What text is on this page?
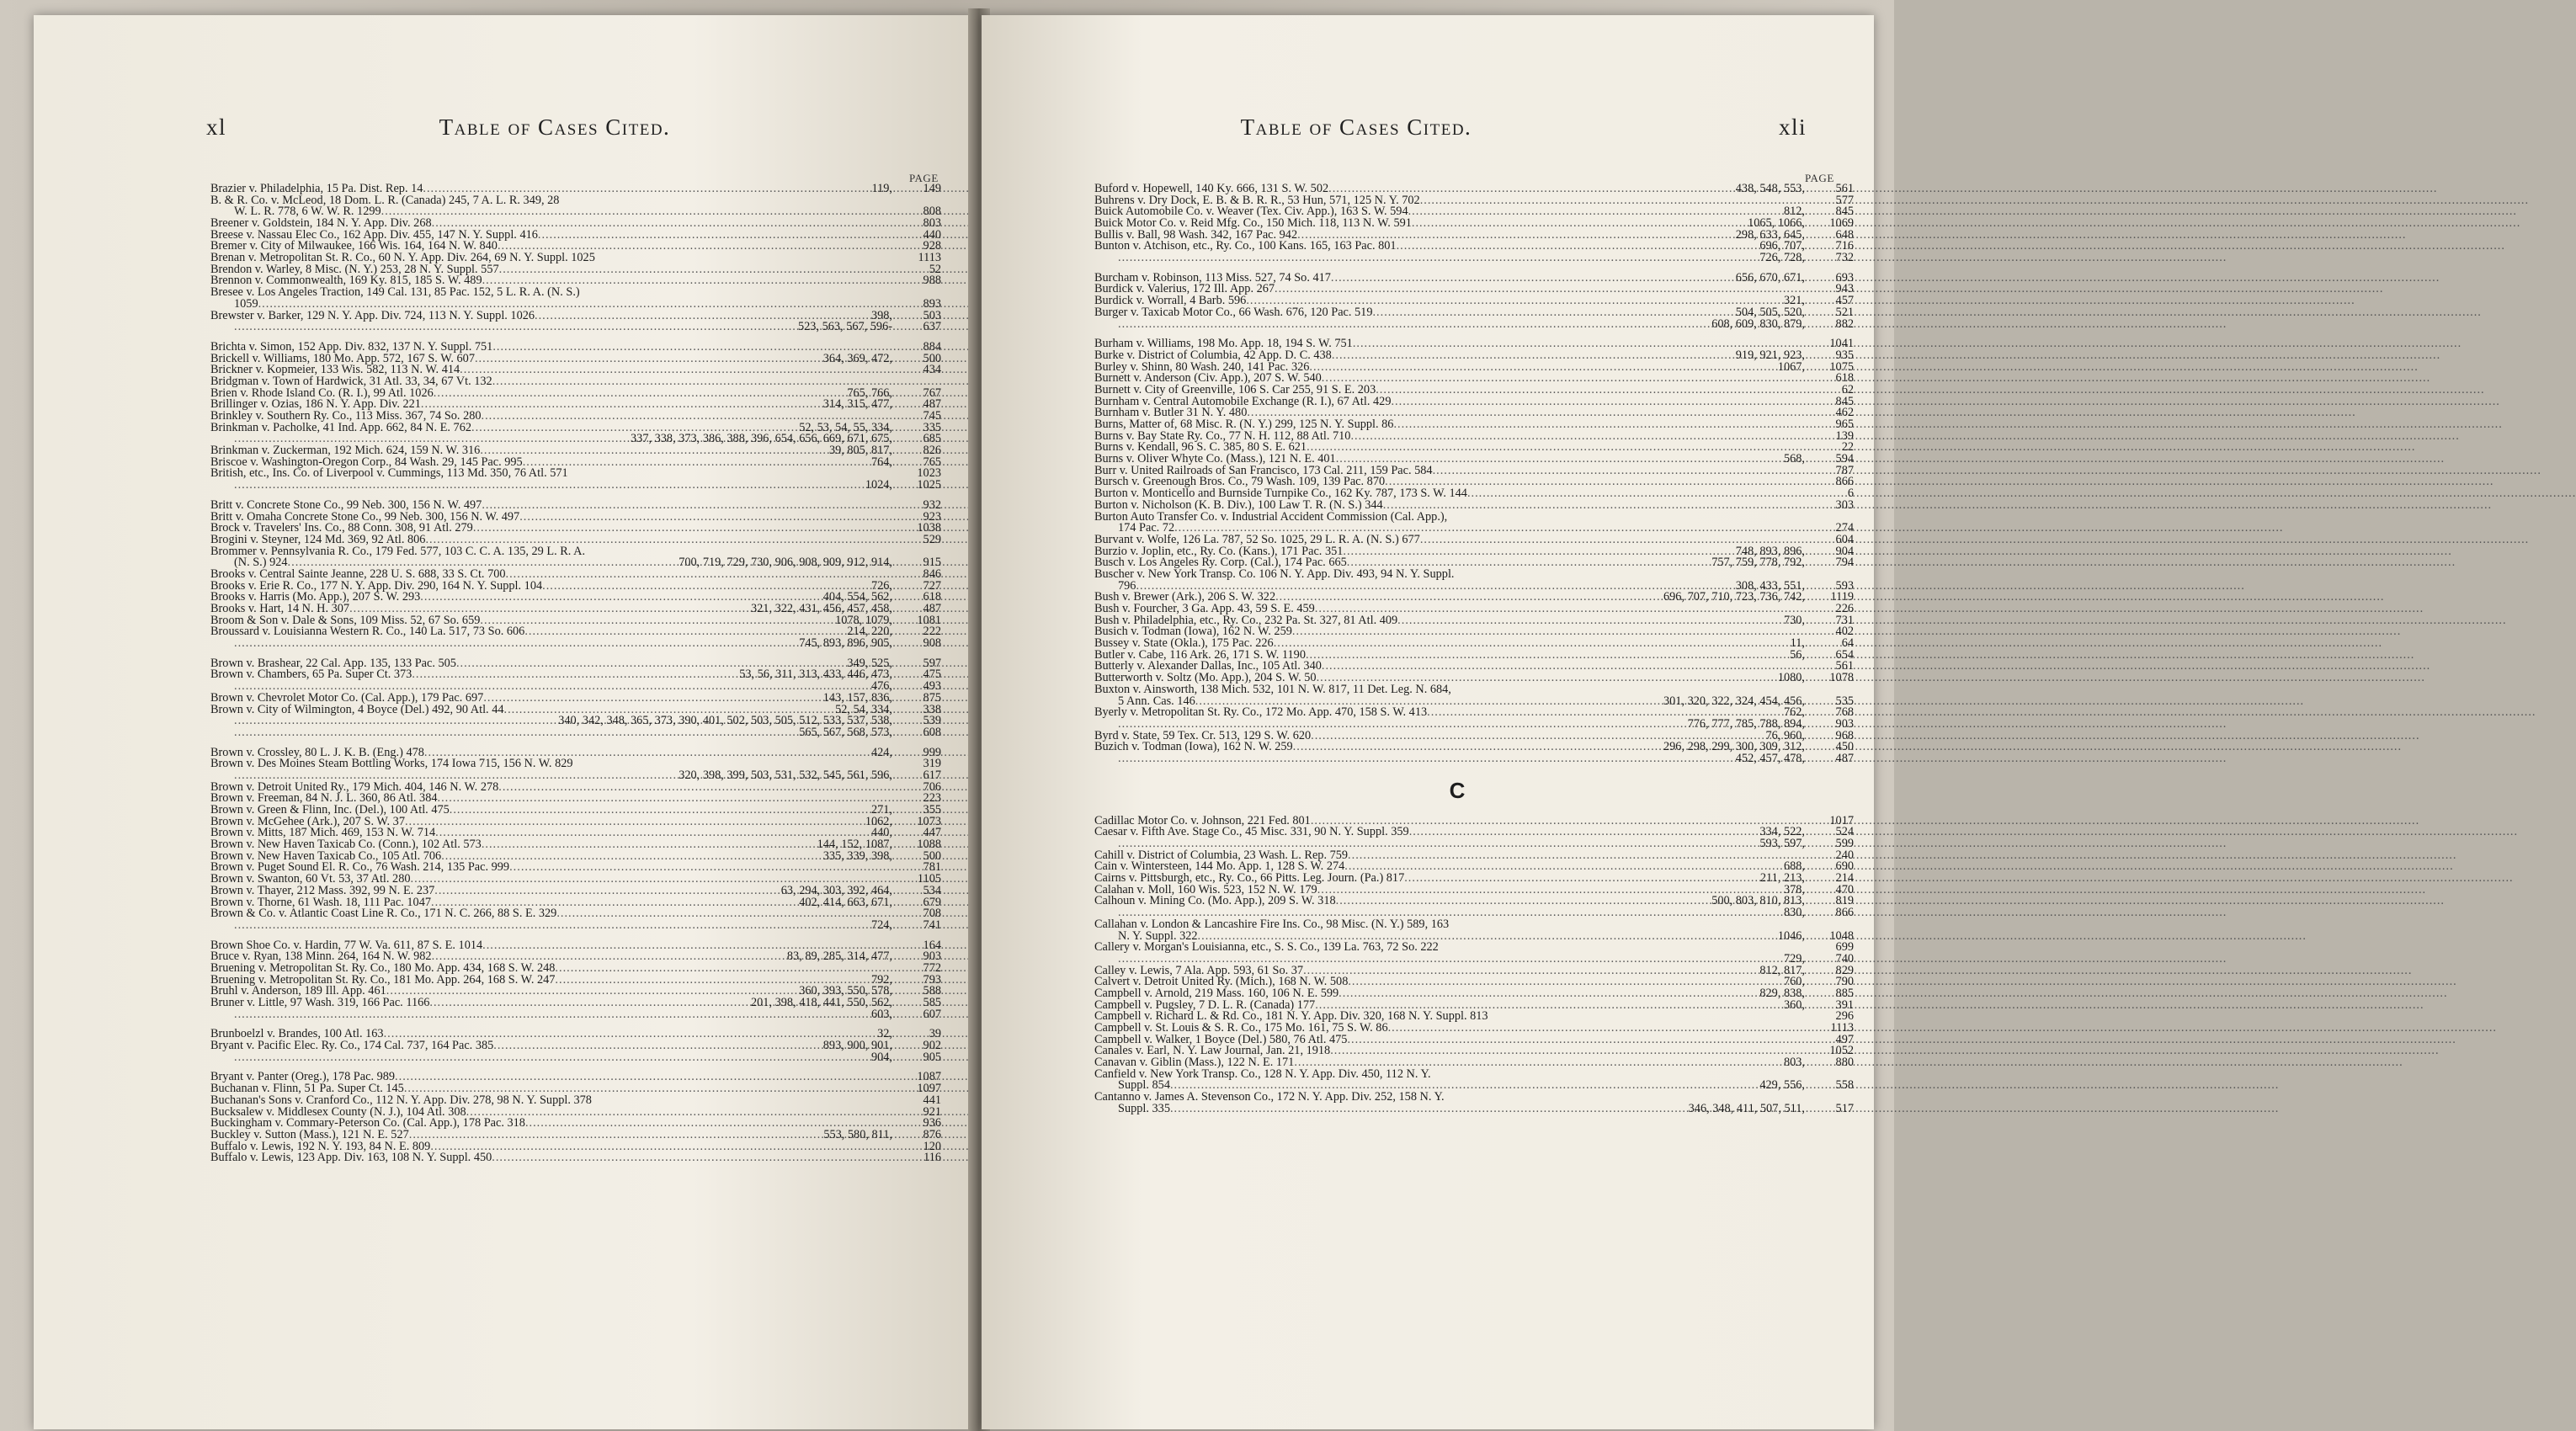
xl	Table of Cases Cited.
PAGE
Brazier v. Philadelphia, 15 Pa. Dist. Rep. 14 .....	119,	149
B. & R. Co. v. McLeod, 18 Dom. L. R. (Canada) 245, 7 A. L. R. 349, 28
W. L. R. 778, 6 W. W. R. 1299 .....	808
Breener v. Goldstein, 184 N. Y. App. Div. 268 .....	803
Breese v. Nassau Elec Co., 162 App. Div. 455, 147 N. Y. Suppl. 416 .....	440
Bremer v. City of Milwaukee, 166 Wis. 164, 164 N. W. 840 .....	928
Brenan v. Metropolitan St. R. Co., 60 N. Y. App. Div. 264, 69 N. Y. Suppl. 1025	1113
Brendon v. Warley, 8 Misc. (N. Y.) 253, 28 N. Y. Suppl. 557 .....	52
Brennon v. Commonwealth, 169 Ky. 815, 185 S. W. 489 .....	988
Bresee v. Los Angeles Traction, 149 Cal. 131, 85 Pac. 152, 5 L. R. A. (N. S.)
1059 .....	893
Brewster v. Barker, 129 N. Y. App. Div. 724, 113 N. Y. Suppl. 1026 .....	398,	503
.....
523, 563, 567, 596-	637
Brichta v. Simon, 152 App. Div. 832, 137 N. Y. Suppl. 751 .....	884
Brickell v. Williams, 180 Mo. App. 572, 167 S. W. 607 .....	364, 369, 472,	500
Brickner v. Kopmeier, 133 Wis. 582, 113 N. W. 414 .....	434
Bridgman v. Town of Hardwick, 31 Atl. 33, 34, 67 Vt. 132
.....
Brien v. Rhode Island Co. (R. I.), 99 Atl. 1026 .....	765, 766,	767
Brillinger v. Ozias, 186 N. Y. App. Div. 221 .....	314, 315, 477,	487
Brinkley v. Southern Ry. Co., 113 Miss. 367, 74 So. 280 .....	745
Brinkman v. Pacholke, 41 Ind. App. 662, 84 N. E. 762 .....	52, 53, 54, 55, 334,	335
.....
337, 338, 373, 386, 388, 396, 654, 656, 669, 671, 675,	685
Brinkman v. Zuckerman, 192 Mich. 624, 159 N. W. 316 .....	39, 805, 817,	826
Briscoe v. Washington-Oregon Corp., 84 Wash. 29, 145 Pac. 995 .....	764,	765
British, etc., Ins. Co. of Liverpool v. Cummings, 113 Md. 350, 76 Atl. 571	1023
.....
1024,	1025
Britt v. Concrete Stone Co., 99 Neb. 300, 156 N. W. 497 .....	932
Britt v. Omaha Concrete Stone Co., 99 Neb. 300, 156 N. W. 497 .....	923
Brock v. Travelers' Ins. Co., 88 Conn. 308, 91 Atl. 279 .....	1038
Brogini v. Steyner, 124 Md. 369, 92 Atl. 806 .....	529
Brommer v. Pennsylvania R. Co., 179 Fed. 577, 103 C. C. A. 135, 29 L. R. A.
(N. S.) 924 .....	700, 719, 729, 730, 906, 908, 909, 912, 914,	915
Brooks v. Central Sainte Jeanne, 228 U. S. 688, 33 S. Ct. 700 .....	846
Brooks v. Erie R. Co., 177 N. Y. App. Div. 290, 164 N. Y. Suppl. 104 .....	726,	727
Brooks v. Harris (Mo. App.), 207 S. W. 293 .....	404, 554, 562,	618
Brooks v. Hart, 14 N. H. 307 .....	321, 322, 431, 456, 457, 458,	487
Broom & Son v. Dale & Sons, 109 Miss. 52, 67 So. 659 .....	1078, 1079,	1081
Broussard v. Louisianna Western R. Co., 140 La. 517, 73 So. 606 .....	214, 220,	222
.....
745, 893, 896, 905,	908
Brown v. Brashear, 22 Cal. App. 135, 133 Pac. 505 .....	349, 525,	597
Brown v. Chambers, 65 Pa. Super Ct. 373 .....	53, 56, 311, 313, 433, 446, 473,	475
.....
476,	493
Brown v. Chevrolet Motor Co. (Cal. App.), 179 Pac. 697 .....	143, 157, 836,	875
Brown v. City of Wilmington, 4 Boyce (Del.) 492, 90 Atl. 44 .....	52, 54, 334,	338
.....
340, 342, 348, 365, 373, 390, 401, 502, 503, 505, 512, 533, 537, 538,	539
.....
565, 567, 568, 573,	608
Brown v. Crossley, 80 L. J. K. B. (Eng.) 478 .....	424,	999
Brown v. Des Moines Steam Bottling Works, 174 Iowa 715, 156 N. W. 829	319
.....
320, 398, 399, 503, 531, 532, 545, 561, 596,	617
Brown v. Detroit United Ry., 179 Mich. 404, 146 N. W. 278 .....	706
Brown v. Freeman, 84 N. J. L. 360, 86 Atl. 384 .....	223
Brown v. Green & Flinn, Inc. (Del.), 100 Atl. 475 .....	271,	355
Brown v. McGehee (Ark.), 207 S. W. 37 .....	1062,	1073
Brown v. Mitts, 187 Mich. 469, 153 N. W. 714 .....	440,	447
Brown v. New Haven Taxicab Co. (Conn.), 102 Atl. 573 .....	144, 152, 1087,	1088
Brown v. New Haven Taxicab Co., 105 Atl. 706 .....	335, 339, 398,	500
Brown v. Puget Sound El. R. Co., 76 Wash. 214, 135 Pac. 999 .....	781
Brown v. Swanton, 60 Vt. 53, 37 Atl. 280 .....	1105
Brown v. Thayer, 212 Mass. 392, 99 N. E. 237 .....	63, 294, 303, 392, 464,	534
Brown v. Thorne, 61 Wash. 18, 111 Pac. 1047 .....	402, 414, 663, 671,	679
Brown & Co. v. Atlantic Coast Line R. Co., 171 N. C. 266, 88 S. E. 329 .....	708
.....
724,	741
Brown Shoe Co. v. Hardin, 77 W. Va. 611, 87 S. E. 1014 .....	164
Bruce v. Ryan, 138 Minn. 264, 164 N. W. 982 .....	83, 89, 285, 314, 477,	903
Bruening v. Metropolitan St. Ry. Co., 180 Mo. App. 434, 168 S. W. 248 .....	772
Bruening v. Metropolitan St. Ry. Co., 181 Mo. App. 264, 168 S. W. 247 .....	792,	793
Bruhl v. Anderson, 189 Ill. App. 461 .....	360, 393, 550, 578,	588
Bruner v. Little, 97 Wash. 319, 166 Pac. 1166 .....	201, 398, 418, 441, 550, 562,	585
.....
603,	607
Brunboelzl v. Brandes, 100 Atl. 163 .....	32,	39
Bryant v. Pacific Elec. Ry. Co., 174 Cal. 737, 164 Pac. 385 .....	893, 900, 901,	902
.....
904,	905
Bryant v. Panter (Oreg.), 178 Pac. 989 .....	1087
Buchanan v. Flinn, 51 Pa. Super Ct. 145 .....	1097
Buchanan's Sons v. Cranford Co., 112 N. Y. App. Div. 278, 98 N. Y. Suppl. 378	441
Bucksalew v. Middlesex County (N. J.), 104 Atl. 308 .....	921
Buckingham v. Commary-Peterson Co. (Cal. App.), 178 Pac. 318 .....	936
Buckley v. Sutton (Mass.), 121 N. E. 527 .....	553, 580, 811,	876
Buffalo v. Lewis, 192 N. Y. 193, 84 N. E. 809 .....	120
Buffalo v. Lewis, 123 App. Div. 163, 108 N. Y. Suppl. 450 .....	116
Table of Cases Cited.	xli
PAGE
Buford v. Hopewell, 140 Ky. 666, 131 S. W. 502 .....	438, 548, 553,	561
Buhrens v. Dry Dock, E. B. & B. R. R., 53 Hun, 571, 125 N. Y. 702 .....	577
Buick Automobile Co. v. Weaver (Tex. Civ. App.), 163 S. W. 594 .....	812,	845
Buick Motor Co. v. Reid Mfg. Co., 150 Mich. 118, 113 N. W. 591 .....	1065, 1066,	1069
Bullis v. Ball, 98 Wash. 342, 167 Pac. 942 .....	298, 633, 645,	648
Bunton v. Atchison, etc., Ry. Co., 100 Kans. 165, 163 Pac. 801 .....	696, 707,	716
.....
726, 728,	732
Burcham v. Robinson, 113 Miss. 527, 74 So. 417 .....	656, 670, 671,	693
Burdick v. Valerius, 172 Ill. App. 267 .....	943
Burdick v. Worrall, 4 Barb. 596 .....	321,	457
Burger v. Taxicab Motor Co., 66 Wash. 676, 120 Pac. 519 .....	504, 505, 520,	521
.....
608, 609, 830, 879,	882
Burham v. Williams, 198 Mo. App. 18, 194 S. W. 751 .....	1041
Burke v. District of Columbia, 42 App. D. C. 438 .....	919, 921, 923,	935
Burley v. Shinn, 80 Wash. 240, 141 Pac. 326 .....	1067,	1075
Burnett v. Anderson (Civ. App.), 207 S. W. 540 .....	618
Burnett v. City of Greenville, 106 S. Car 255, 91 S. E. 203 .....	62
Burnham v. Central Automobile Exchange (R. I.), 67 Atl. 429 .....	845
Burnham v. Butler 31 N. Y. 480 .....	462
Burns, Matter of, 68 Misc. R. (N. Y.) 299, 125 N. Y. Suppl. 86 .....	965
Burns v. Bay State Ry. Co., 77 N. H. 112, 88 Atl. 710 .....	139
Burns v. Kendall, 96 S. C. 385, 80 S. E. 621 .....	22
Burns v. Oliver Whyte Co. (Mass.), 121 N. E. 401 .....	568,	594
Burr v. United Railroads of San Francisco, 173 Cal. 211, 159 Pac. 584 .....	787
Bursch v. Greenough Bros. Co., 79 Wash. 109, 139 Pac. 870 .....	866
Burton v. Monticello and Burnside Turnpike Co., 162 Ky. 787, 173 S. W. 144 .....	6
Burton v. Nicholson (K. B. Div.), 100 Law T. R. (N. S.) 344 .....	303
Burton Auto Transfer Co. v. Industrial Accident Commission (Cal. App.),
174 Pac. 72 .....	274
Burvant v. Wolfe, 126 La. 787, 52 So. 1025, 29 L. R. A. (N. S.) 677 .....	604
Burzio v. Joplin, etc., Ry. Co. (Kans.), 171 Pac. 351 .....	748, 893, 896,	904
Busch v. Los Angeles Ry. Corp. (Cal.), 174 Pac. 665 .....	757, 759, 778, 792,	794
Buscher v. New York Transp. Co. 106 N. Y. App. Div. 493, 94 N. Y. Suppl.
796 .....	308, 433, 551,	593
Bush v. Brewer (Ark.), 206 S. W. 322 .....	696, 707, 710, 723, 736, 742,	1119
Bush v. Fourcher, 3 Ga. App. 43, 59 S. E. 459 .....	226
Bush v. Philadelphia, etc., Ry. Co., 232 Pa. St. 327, 81 Atl. 409 .....	730,	731
Busich v. Todman (Iowa), 162 N. W. 259 .....	402
Bussey v. State (Okla.), 175 Pac. 226 .....	11,	64
Butler v. Cabe, 116 Ark. 26, 171 S. W. 1190 .....	56,	654
Butterly v. Alexander Dallas, Inc., 105 Atl. 340 .....	561
Butterworth v. Soltz (Mo. App.), 204 S. W. 50 .....	1080,	1078
Buxton v. Ainsworth, 138 Mich. 532, 101 N. W. 817, 11 Det. Leg. N. 684,
5 Ann. Cas. 146 .....	301, 320, 322, 324, 454, 456,	535
Byerly v. Metropolitan St. Ry. Co., 172 Mo. App. 470, 158 S. W. 413 .....	762,	768
.....
776, 777, 785, 788, 894,	903
Byrd v. State, 59 Tex. Cr. 513, 129 S. W. 620 .....	76, 960,	968
Buzich v. Todman (Iowa), 162 N. W. 259 .....	296, 298, 299, 300, 309, 312,	450
.....
452, 457, 478,	487
C
Cadillac Motor Co. v. Johnson, 221 Fed. 801 .....	1017
Caesar v. Fifth Ave. Stage Co., 45 Misc. 331, 90 N. Y. Suppl. 359 .....	334, 522,	524
.....
593, 597,	599
Cahill v. District of Columbia, 23 Wash. L. Rep. 759 .....	240
Cain v. Wintersteen, 144 Mo. App. 1, 128 S. W. 274 .....	688,	690
Cairns v. Pittsburgh, etc., Ry. Co., 66 Pitts. Leg. Journ. (Pa.) 817 .....	211, 213,	214
Calahan v. Moll, 160 Wis. 523, 152 N. W. 179 .....	378,	470
Calhoun v. Mining Co. (Mo. App.), 209 S. W. 318 .....	500, 803, 810, 813,	819
.....
830,	866
Callahan v. London & Lancashire Fire Ins. Co., 98 Misc. (N. Y.) 589, 163
N. Y. Suppl. 322 .....	1046,	1048
Callery v. Morgan's Louisianna, etc., S. S. Co., 139 La. 763, 72 So. 222	699
.....
729,	740
Calley v. Lewis, 7 Ala. App. 593, 61 So. 37 .....	812, 817,	829
Calvert v. Detroit United Ry. (Mich.), 168 N. W. 508 .....	760,	790
Campbell v. Arnold, 219 Mass. 160, 106 N. E. 599 .....	829, 838,	885
Campbell v. Pugsley, 7 D. L. R. (Canada) 177 .....	360,	391
Campbell v. Richard L. & Rd. Co., 181 N. Y. App. Div. 320, 168 N. Y. Suppl. 813	296
Campbell v. St. Louis & S. R. Co., 175 Mo. 161, 75 S. W. 86 .....	1113
Campbell v. Walker, 1 Boyce (Del.) 580, 76 Atl. 475 .....	497
Canales v. Earl, N. Y. Law Journal, Jan. 21, 1918 .....	1052
Canavan v. Giblin (Mass.), 122 N. E. 171 .....	803,	880
Canfield v. New York Transp. Co., 128 N. Y. App. Div. 450, 112 N. Y.
Suppl. 854 .....	429, 556,	558
Cantanno v. James A. Stevenson Co., 172 N. Y. App. Div. 252, 158 N. Y.
Suppl. 335 .....	346, 348, 411, 507, 511,	517
